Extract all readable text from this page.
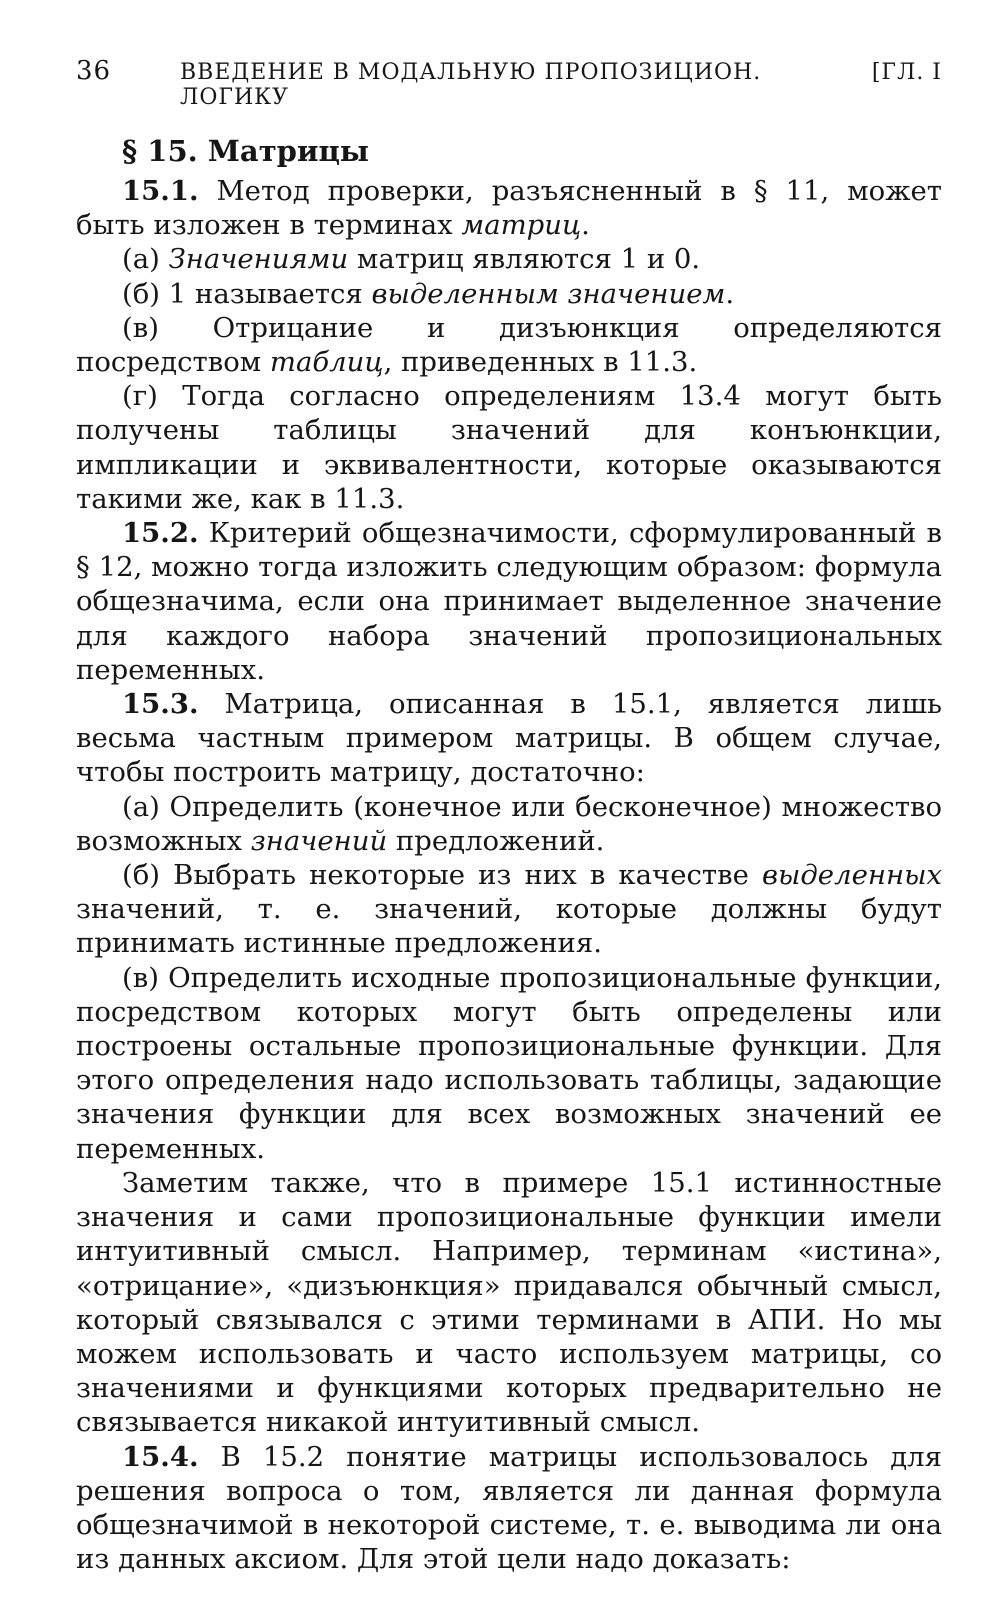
36	ВВЕДЕНИЕ В МОДАЛЬНУЮ ПРОПОЗИЦИОН. ЛОГИКУ
[ГЛ. I
§ 15. Матрицы

15.1. Метод проверки, разъясненный в § 11, может быть изложен в терминах матриц.

(а) Значениями матриц являются 1 и 0.

(б) 1 называется выделенным значением.

(в) Отрицание и дизъюнкция определяются посредством таблиц, приведенных в 11.3.

(г) Тогда согласно определениям 13.4 могут быть получены таблицы значений для конъюнкции, импликации и эквивалентности, которые оказываются такими же, как в 11.3.

15.2. Критерий общезначимости, сформулированный в § 12, можно тогда изложить следующим образом: формула общезначима, если она принимает выделенное значение для каждого набора значений пропозициональных переменных.

15.3. Матрица, описанная в 15.1, является лишь весьма частным примером матрицы. В общем случае, чтобы построить матрицу, достаточно:

(а) Определить (конечное или бесконечное) множество возможных значений предложений.

(б) Выбрать некоторые из них в качестве выделенных значений, т. е. значений, которые должны будут принимать истинные предложения.

(в) Определить исходные пропозициональные функции, посредством которых могут быть определены или построены остальные пропозициональные функции. Для этого определения надо использовать таблицы, задающие значения функции для всех возможных значений ее переменных.

Заметим также, что в примере 15.1 истинностные значения и сами пропозициональные функции имели интуитивный смысл. Например, терминам «истина», «отрицание», «дизъюнкция» придавался обычный смысл, который связывался с этими терминами в АПИ. Но мы можем использовать и часто используем матрицы, со значениями и функциями которых предварительно не связывается никакой интуитивный смысл.

15.4. В 15.2 понятие матрицы использовалось для решения вопроса о том, является ли данная формула общезначимой в некоторой системе, т. е. выводима ли она из данных аксиом. Для этой цели надо доказать:
